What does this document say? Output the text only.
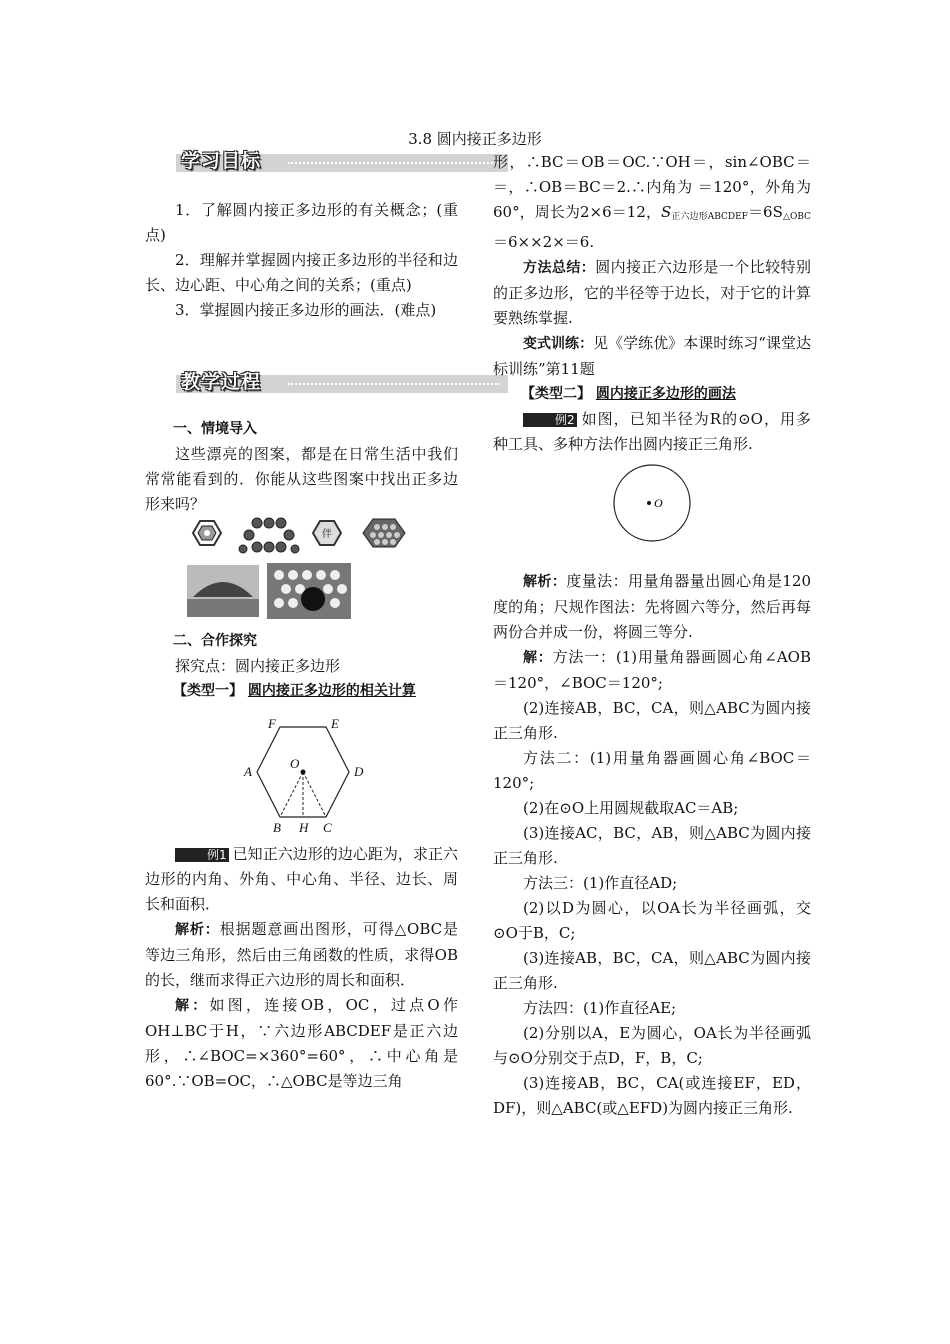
3.8 圆内接正多边形
学习目标

1．了解圆内接正多边形的有关概念；(重点)

2．理解并掌握圆内接正多边形的半径和边长、边心距、中心角之间的关系；(重点)

3．掌握圆内接正多边形的画法．(难点)

教学过程

一、情境导入

这些漂亮的图案，都是在日常生活中我们常常能看到的．你能从这些图案中找出正多边形来吗？

伴

二、合作探究

探究点：圆内接正多边形

【类型一】 圆内接正多边形的相关计算

F	E
A	D
O
B H C

例1 已知正六边形的边心距为，求正六边形的内角、外角、中心角、半径、边长、周长和面积．

解析：根据题意画出图形，可得△OBC是等边三角形，然后由三角函数的性质，求得OB的长，继而求得正六边形的周长和面积．

解：如图，连接OB，OC，过点O作OH⊥BC于H，∵六边形ABCDEF是正六边形，∴∠BOC=×360°=60°，∴中心角是60°.∵OB=OC，∴△OBC是等边三角

形，∴BC＝OB＝OC.∵OH＝，sin∠OBC＝＝，∴OB＝BC＝2.∴内角为 ＝120°，外角为60°，周长为2×6＝12，$S_{正六边形ABCDEF}=6S_{\triangle OBC}=6\times\times 2\times=6$.

方法总结：圆内接正六边形是一个比较特别的正多边形，它的半径等于边长，对于它的计算要熟练掌握.

变式训练：见《学练优》本课时练习“课堂达标训练”第11题

【类型二】 圆内接正多边形的画法

例2 如图，已知半径为R的⊙O，用多种工具、多种方法作出圆内接正三角形.

O

解析：度量法：用量角器量出圆心角是120度的角；尺规作图法：先将圆六等分，然后再每两份合并成一份，将圆三等分.

解：方法一：(1)用量角器画圆心角∠AOB＝120°，∠BOC＝120°;

(2)连接AB，BC，CA，则△ABC为圆内接正三角形.

方法二：(1)用量角器画圆心角∠BOC＝120°;

(2)在⊙O上用圆规截取AC＝AB;

(3)连接AC，BC，AB，则△ABC为圆内接正三角形.

方法三：(1)作直径AD;

(2)以D为圆心，以OA长为半径画弧，交⊙O于B，C;

(3)连接AB，BC，CA，则△ABC为圆内接正三角形.

方法四：(1)作直径AE;

(2)分别以A，E为圆心，OA长为半径画弧与⊙O分别交于点D，F，B，C;

(3)连接AB，BC，CA(或连接EF，ED，DF)，则△ABC(或△EFD)为圆内接正三角形.
